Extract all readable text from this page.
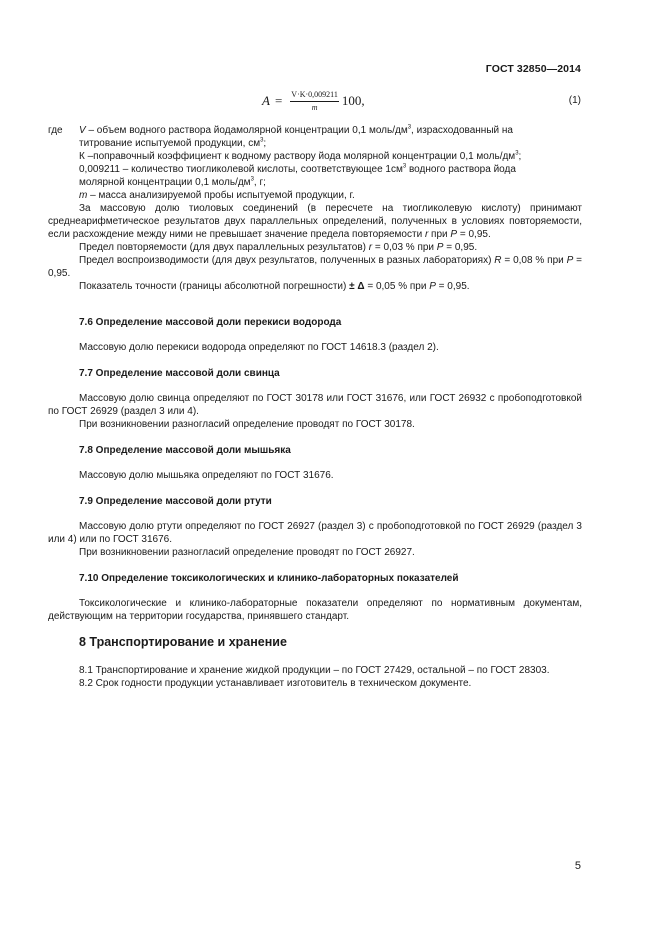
ГОСТ 32850—2014
$A = \frac{V\cdot K\cdot 0,009211}{m} 100$,	(1)
где	V – объем водного раствора йодамолярной концентрации 0,1 моль/$дм^3$, израсходованный на
титрование испытуемой продукции, $см^3$;
К –поправочный коэффициент к водному раствору йода молярной концентрации 0,1 моль/$дм^3$;
0,009211 – количество тиогликолевой кислоты, соответствующее $1см^3$ водного раствора йода
молярной концентрации 0,1 моль/$дм^3$, г;
m – масса анализируемой пробы испытуемой продукции, г.

За массовую долю тиоловых соединений (в пересчете на тиогликолевую кислоту) принимают среднеарифметическое результатов двух параллельных определений, полученных в условиях повторяемости, если расхождение между ними не превышает значение предела повторяемости r при P = 0,95.

Предел повторяемости (для двух параллельных результатов) r = 0,03 % при P = 0,95.

Предел воспроизводимости (для двух результатов, полученных в разных лабораториях) R = 0,08 % при P = 0,95.

Показатель точности (границы абсолютной погрешности) ± Δ = 0,05 % при P = 0,95.

7.6 Определение массовой доли перекиси водорода

Массовую долю перекиси водорода определяют по ГОСТ 14618.3 (раздел 2).

7.7 Определение массовой доли свинца

Массовую долю свинца определяют по ГОСТ 30178 или ГОСТ 31676, или ГОСТ 26932 с пробоподготовкой по ГОСТ 26929 (раздел 3 или 4).

При возникновении разногласий определение проводят по ГОСТ 30178.

7.8 Определение массовой доли мышьяка

Массовую долю мышьяка определяют по ГОСТ 31676.

7.9 Определение массовой доли ртути

Массовую долю ртути определяют по ГОСТ 26927 (раздел 3) с пробоподготовкой по ГОСТ 26929 (раздел 3 или 4) или по ГОСТ 31676.

При возникновении разногласий определение проводят по ГОСТ 26927.

7.10 Определение токсикологических и клинико-лабораторных показателей

Токсикологические и клинико-лабораторные показатели определяют по нормативным документам, действующим на территории государства, принявшего стандарт.

8 Транспортирование и хранение

8.1 Транспортирование и хранение жидкой продукции – по ГОСТ 27429, остальной – по ГОСТ 28303.

8.2 Срок годности продукции устанавливает изготовитель в техническом документе.

5
